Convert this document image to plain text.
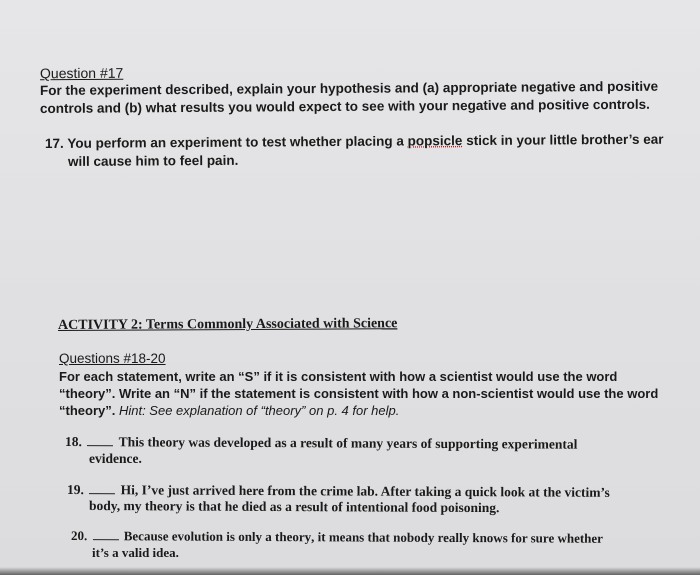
Question #17
For the experiment described, explain your hypothesis and (a) appropriate negative and positive
controls and (b) what results you would expect to see with your negative and positive controls.
17. You perform an experiment to test whether placing a popsicle stick in your little brother’s ear
will cause him to feel pain.
ACTIVITY 2: Terms Commonly Associated with Science
Questions #18-20
For each statement, write an “S” if it is consistent with how a scientist would use the word
“theory”. Write an “N” if the statement is consistent with how a non-scientist would use the word
“theory”. Hint: See explanation of “theory” on p. 4 for help.
18.	This theory was developed as a result of many years of supporting experimental
evidence.
19.	Hi, I’ve just arrived here from the crime lab. After taking a quick look at the victim’s
body, my theory is that he died as a result of intentional food poisoning.
20.	Because evolution is only a theory, it means that nobody really knows for sure whether
it’s a valid idea.
